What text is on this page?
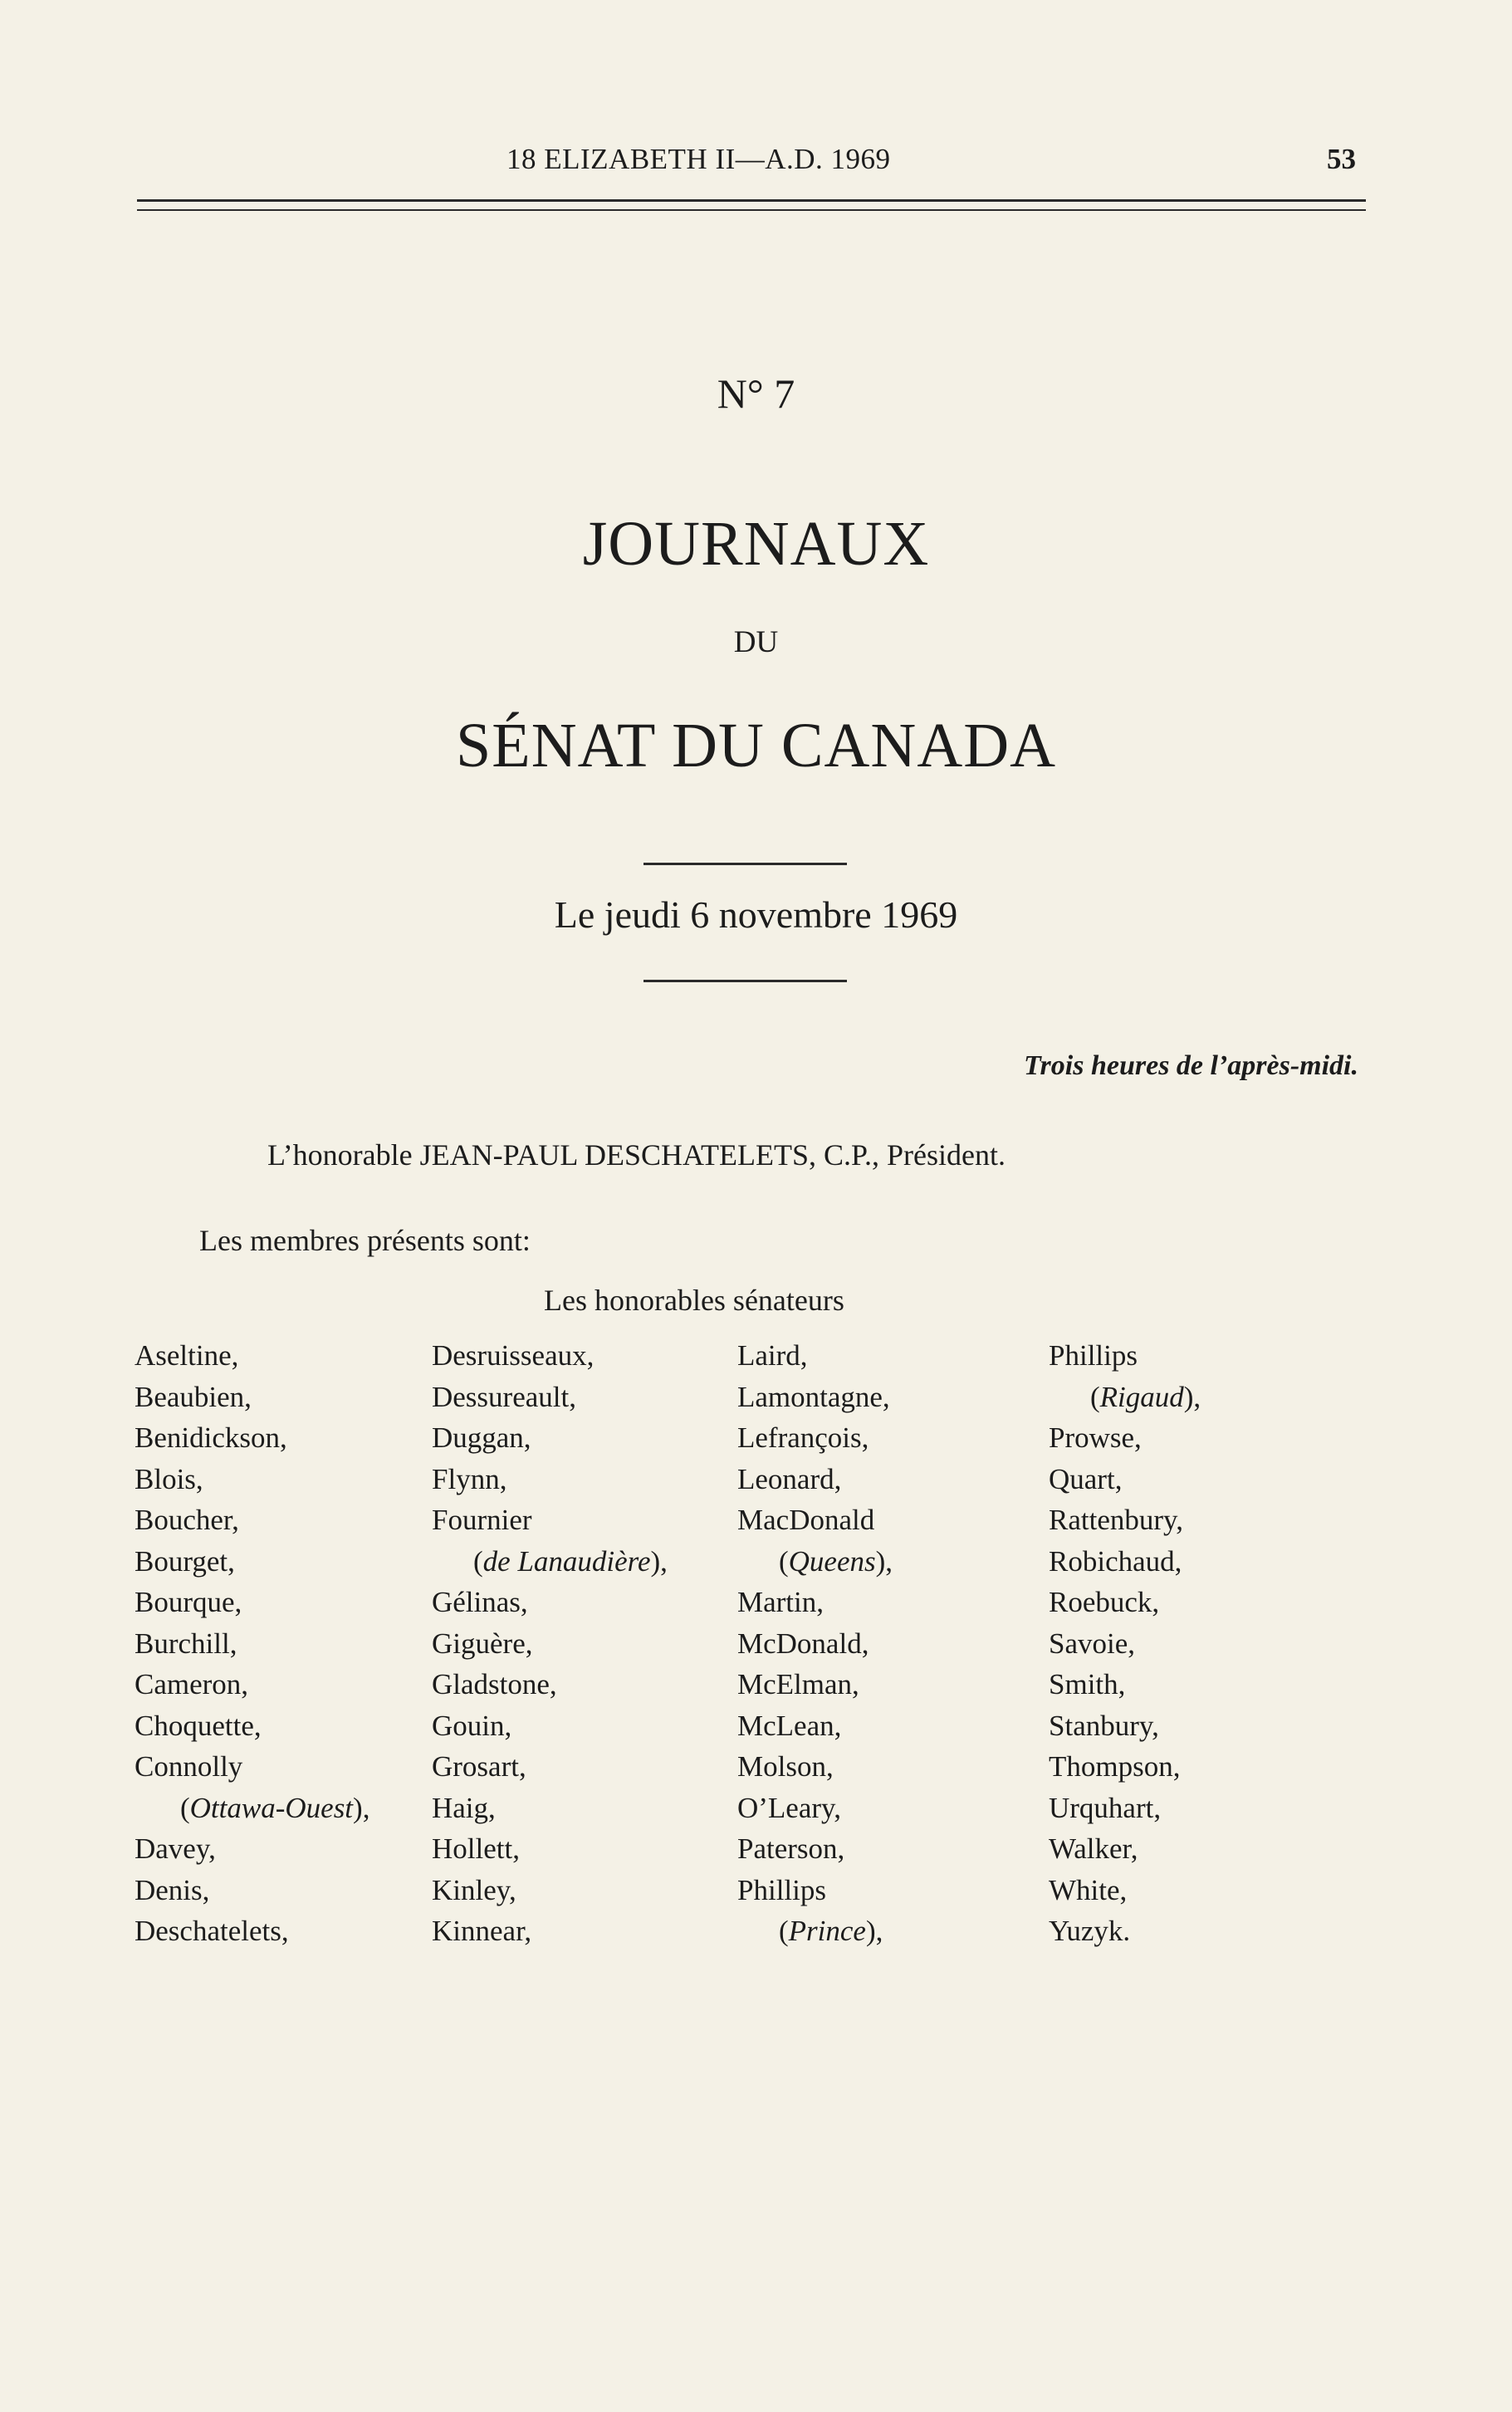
18 ELIZABETH II—A.D. 1969	53
N° 7
JOURNAUX
DU
SÉNAT DU CANADA
Le jeudi 6 novembre 1969
Trois heures de l’après-midi.
L’honorable JEAN-PAUL DESCHATELETS, C.P., Président.
Les membres présents sont:
Les honorables sénateurs
Aseltine,
Beaubien,
Benidickson,
Blois,
Boucher,
Bourget,
Bourque,
Burchill,
Cameron,
Choquette,
Connolly
(Ottawa-Ouest),
Davey,
Denis,
Deschatelets,
Desruisseaux,
Dessureault,
Duggan,
Flynn,
Fournier
(de Lanaudière),
Gélinas,
Giguère,
Gladstone,
Gouin,
Grosart,
Haig,
Hollett,
Kinley,
Kinnear,
Laird,
Lamontagne,
Lefrançois,
Leonard,
MacDonald
(Queens),
Martin,
McDonald,
McElman,
McLean,
Molson,
O’Leary,
Paterson,
Phillips
(Prince),
Phillips
(Rigaud),
Prowse,
Quart,
Rattenbury,
Robichaud,
Roebuck,
Savoie,
Smith,
Stanbury,
Thompson,
Urquhart,
Walker,
White,
Yuzyk.
